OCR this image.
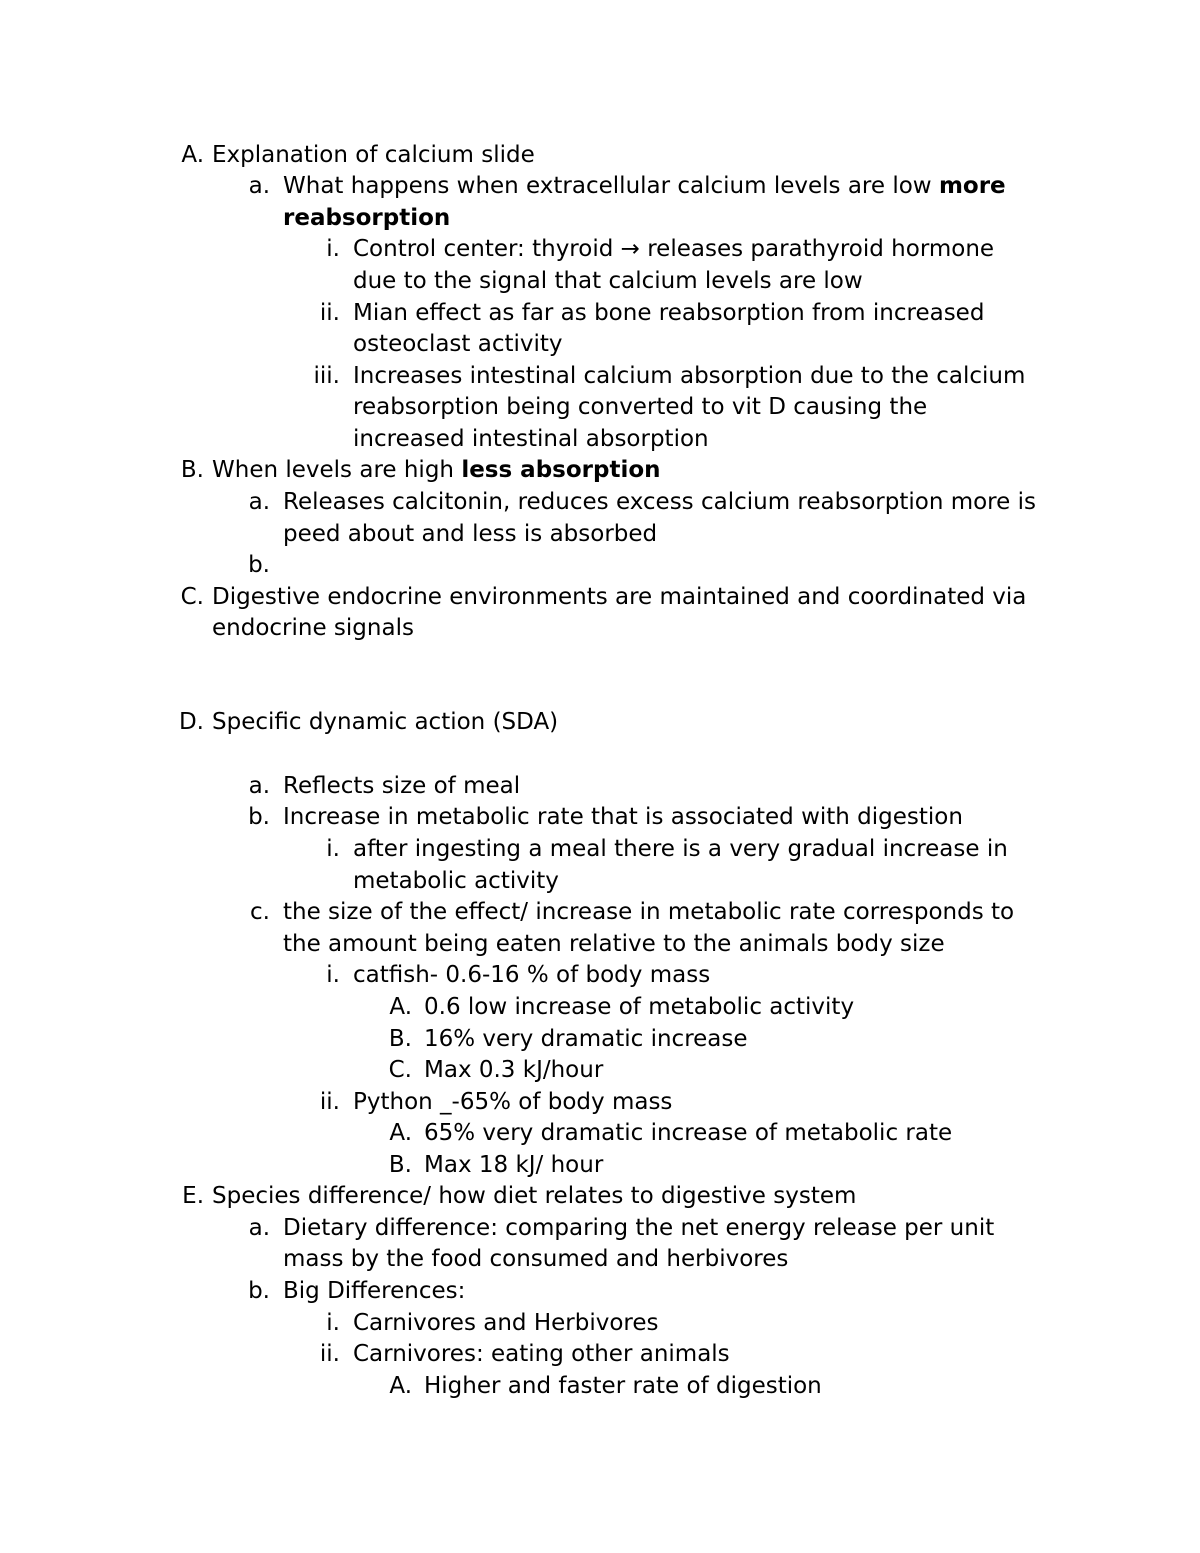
A. Explanation of calcium slide
a. What happens when extracellular calcium levels are low more
reabsorption
i. Control center: thyroid → releases parathyroid hormone
due to the signal that calcium levels are low
ii. Mian effect as far as bone reabsorption from increased
osteoclast activity
iii. Increases intestinal calcium absorption due to the calcium
reabsorption being converted to vit D causing the
increased intestinal absorption
B. When levels are high less absorption
a. Releases calcitonin, reduces excess calcium reabsorption more is
peed about and less is absorbed
b.
C. Digestive endocrine environments are maintained and coordinated via
endocrine signals
D. Specific dynamic action (SDA)
a. Reflects size of meal
b. Increase in metabolic rate that is associated with digestion
i. after ingesting a meal there is a very gradual increase in
metabolic activity
c. the size of the effect/ increase in metabolic rate corresponds to
the amount being eaten relative to the animals body size
i. catfish- 0.6-16 % of body mass
A. 0.6 low increase of metabolic activity
B. 16% very dramatic increase
C. Max 0.3 kJ/hour
ii. Python _-65% of body mass
A. 65% very dramatic increase of metabolic rate
B. Max 18 kJ/ hour
E. Species difference/ how diet relates to digestive system
a. Dietary difference: comparing the net energy release per unit
mass by the food consumed and herbivores
b. Big Differences:
i. Carnivores and Herbivores
ii. Carnivores: eating other animals
A. Higher and faster rate of digestion
